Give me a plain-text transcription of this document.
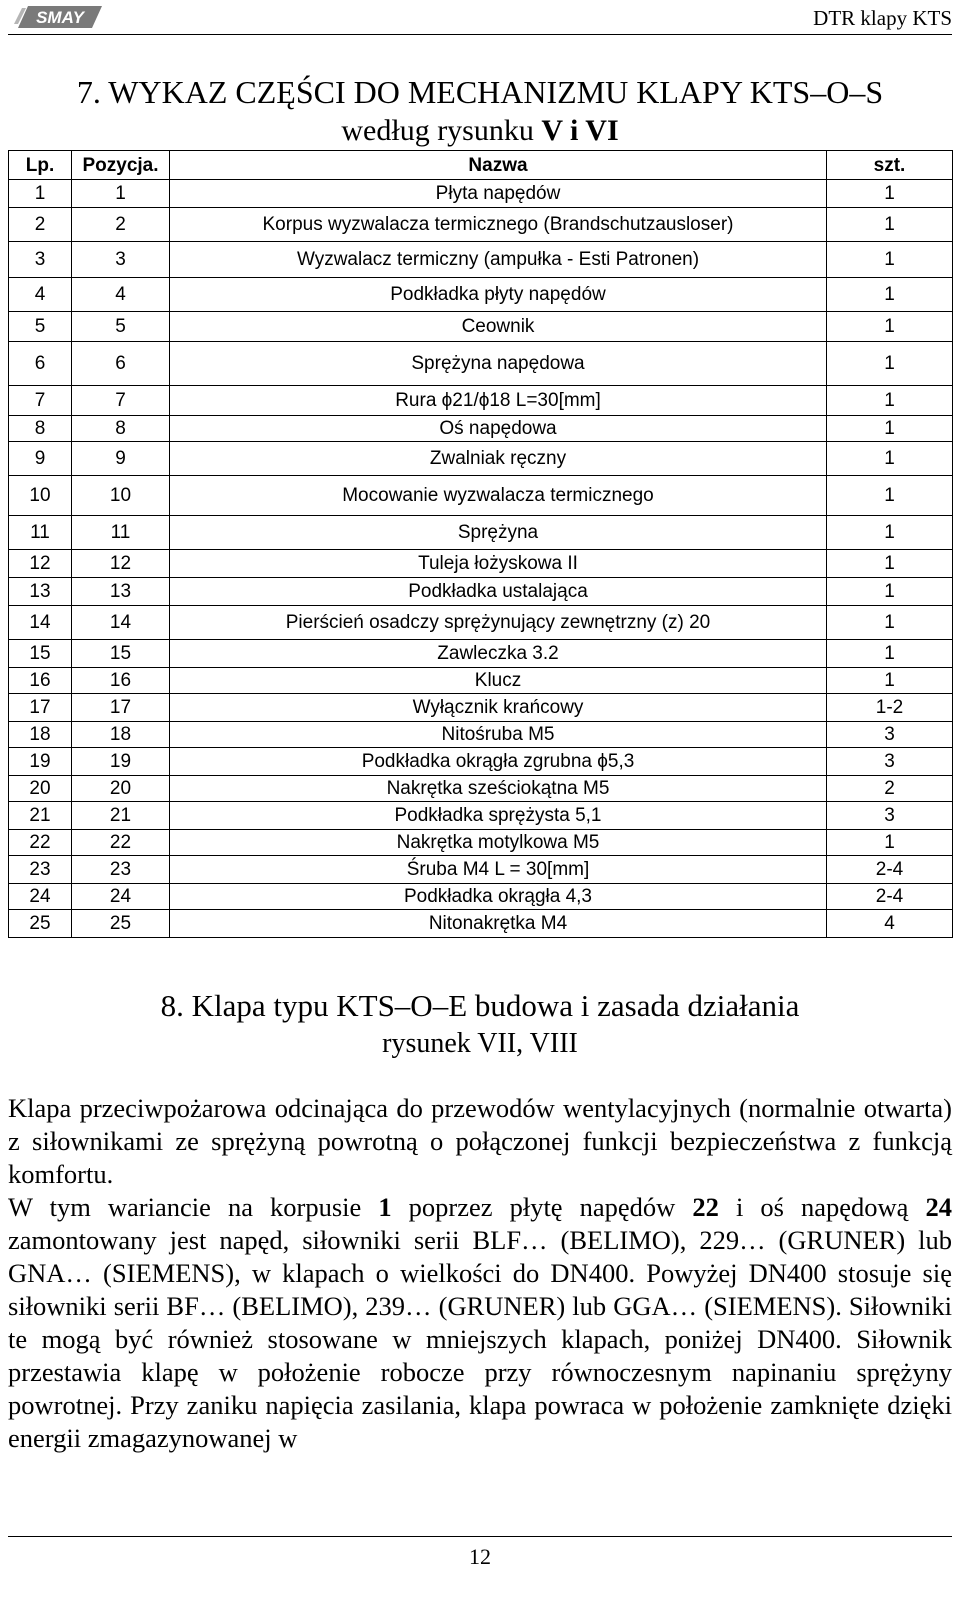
SMAY	DTR klapy KTS
7. WYKAZ CZĘŚCI DO MECHANIZMU KLAPY KTS–O–S
według rysunku V i VI
Lp.	Pozycja.	Nazwa	szt.
1	1	Płyta napędów	1
2	2	Korpus wyzwalacza termicznego (Brandschutzausloser)	1
3	3	Wyzwalacz termiczny (ampułka - Esti Patronen)	1
4	4	Podkładka płyty napędów	1
5	5	Ceownik	1
6	6	Sprężyna napędowa	1
7	7	Rura ϕ21/ϕ18 L=30[mm]	1
8	8	Oś napędowa	1
9	9	Zwalniak ręczny	1
10	10	Mocowanie wyzwalacza termicznego	1
11	11	Sprężyna	1
12	12	Tuleja łożyskowa II	1
13	13	Podkładka ustalająca	1
14	14	Pierścień osadczy sprężynujący zewnętrzny (z) 20	1
15	15	Zawleczka 3.2	1
16	16	Klucz	1
17	17	Wyłącznik krańcowy	1-2
18	18	Nitośruba M5	3
19	19	Podkładka okrągła zgrubna ϕ5,3	3
20	20	Nakrętka sześciokątna M5	2
21	21	Podkładka sprężysta 5,1	3
22	22	Nakrętka motylkowa M5	1
23	23	Śruba M4 L = 30[mm]	2-4
24	24	Podkładka okrągła 4,3	2-4
25	25	Nitonakrętka M4	4
8. Klapa typu KTS–O–E budowa i zasada działania
rysunek VII, VIII
Klapa przeciwpożarowa odcinająca do przewodów wentylacyjnych (normalnie otwarta) z siłownikami ze sprężyną powrotną o połączonej funkcji bezpieczeństwa z funkcją komfortu.
W tym wariancie na korpusie 1 poprzez płytę napędów 22 i oś napędową 24 zamontowany jest napęd, siłowniki serii BLF… (BELIMO), 229… (GRUNER) lub GNA… (SIEMENS), w klapach o wielkości do DN400. Powyżej DN400 stosuje się siłowniki serii BF… (BELIMO), 239… (GRUNER) lub GGA… (SIEMENS). Siłowniki te mogą być również stosowane w mniejszych klapach, poniżej DN400. Siłownik przestawia klapę w położenie robocze przy równoczesnym napinaniu sprężyny powrotnej. Przy zaniku napięcia zasilania, klapa powraca w położenie zamknięte dzięki energii zmagazynowanej w
12
